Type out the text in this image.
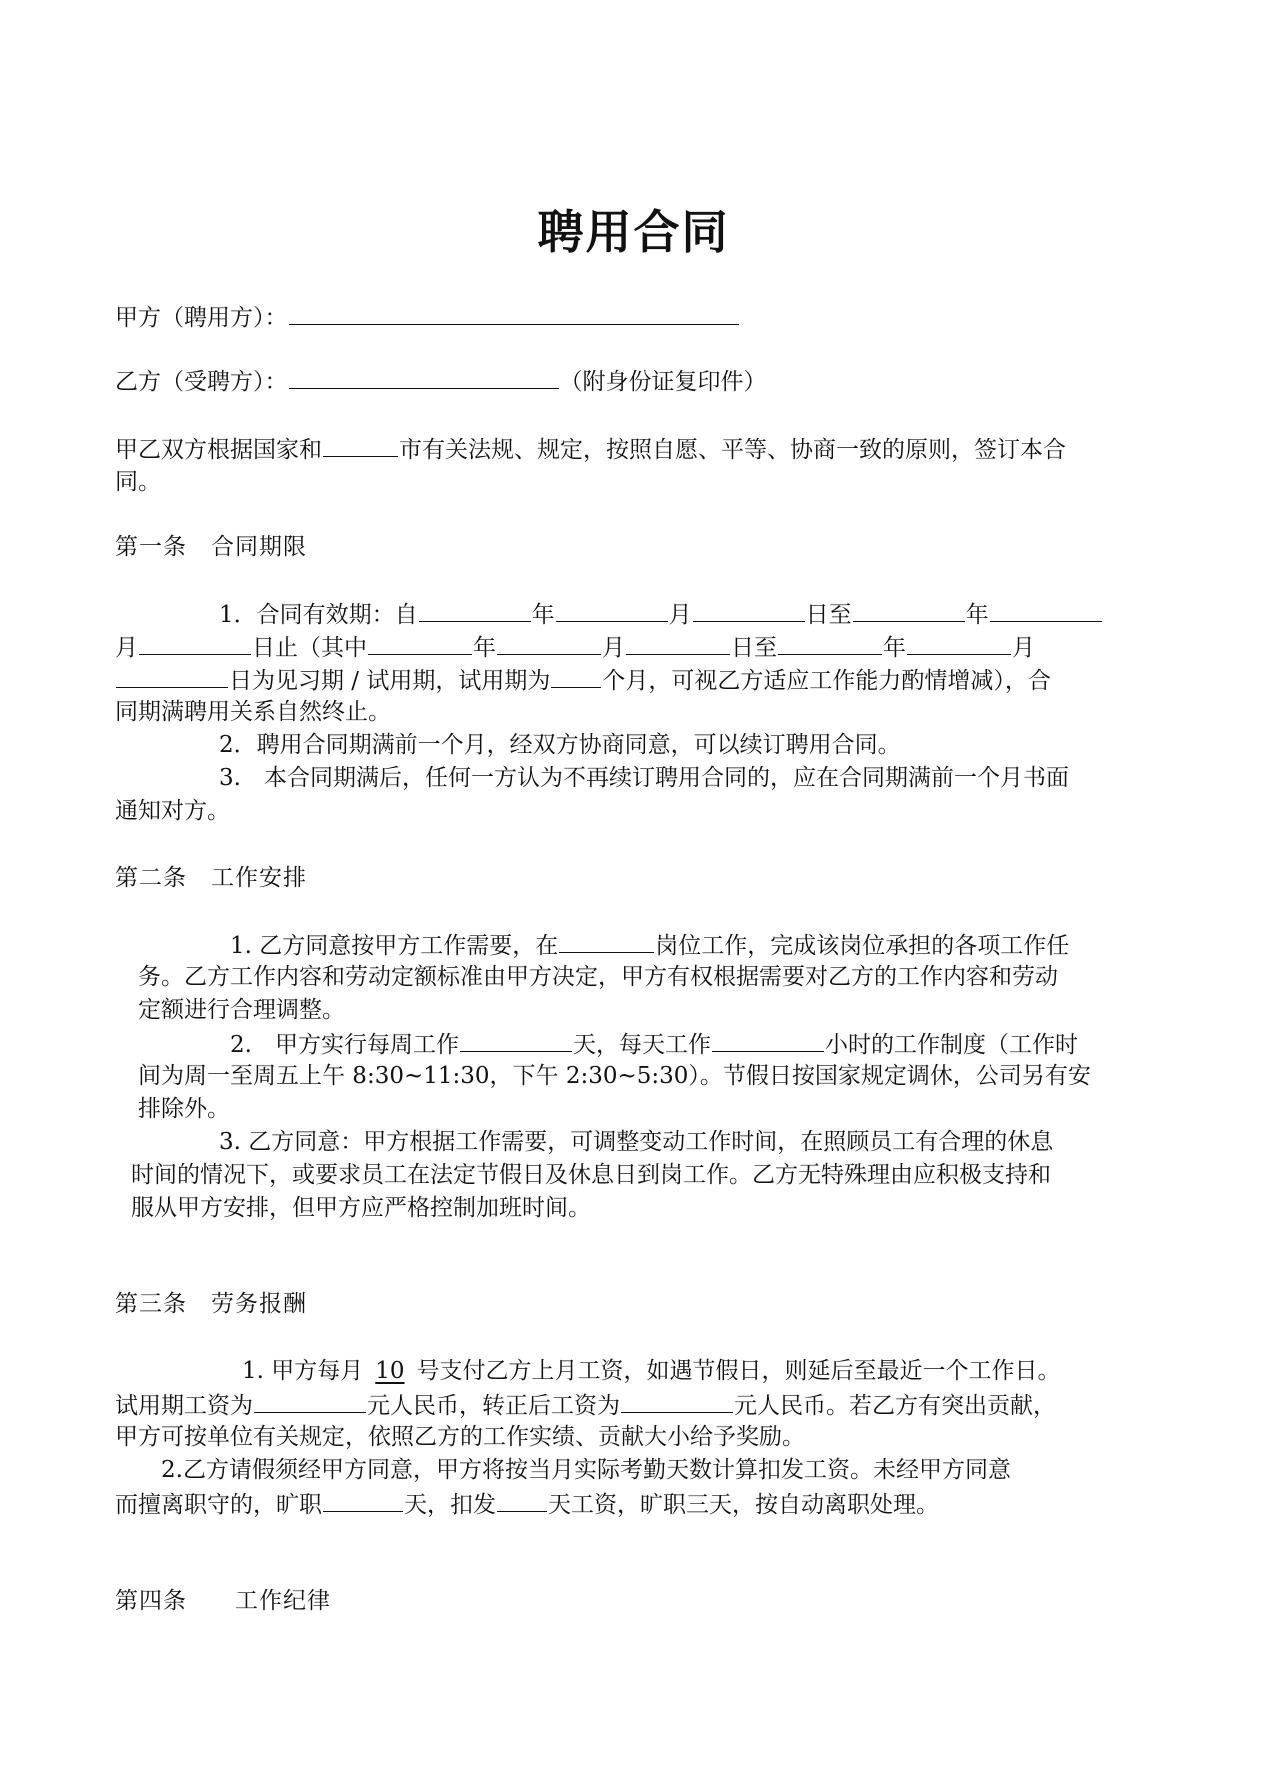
聘用合同
甲方（聘用方）：
乙方（受聘方）：	（附身份证复印件）
甲乙双方根据国家和	市有关法规、规定，按照自愿、平等、协商一致的原则，签订本合
同。
第一条　合同期限
1．合同有效期：自	年	月	日至	年
月	日止（其中	年	月	日至	年	月
日为见习期 / 试用期，试用期为 个月，可视乙方适应工作能力酌情增减），合
同期满聘用关系自然终止。
2．聘用合同期满前一个月，经双方协商同意，可以续订聘用合同。
3.　本合同期满后，任何一方认为不再续订聘用合同的，应在合同期满前一个月书面
通知对方。
第二条　工作安排
1. 乙方同意按甲方工作需要，在	岗位工作，完成该岗位承担的各项工作任
务。乙方工作内容和劳动定额标准由甲方决定，甲方有权根据需要对乙方的工作内容和劳动
定额进行合理调整。
2.　甲方实行每周工作	天，每天工作	小时的工作制度（工作时
间为周一至周五上午 8:30~11:30，下午 2:30~5:30）。节假日按国家规定调休，公司另有安
排除外。
3. 乙方同意：甲方根据工作需要，可调整变动工作时间，在照顾员工有合理的休息
时间的情况下，或要求员工在法定节假日及休息日到岗工作。乙方无特殊理由应积极支持和
服从甲方安排，但甲方应严格控制加班时间。
第三条　劳务报酬
1. 甲方每月 10 号支付乙方上月工资，如遇节假日，则延后至最近一个工作日。
试用期工资为	元人民币，转正后工资为	元人民币。若乙方有突出贡献，
甲方可按单位有关规定，依照乙方的工作实绩、贡献大小给予奖励。
2.乙方请假须经甲方同意，甲方将按当月实际考勤天数计算扣发工资。未经甲方同意
而擅离职守的，旷职	天，扣发 天工资，旷职三天，按自动离职处理。
第四条　　工作纪律
